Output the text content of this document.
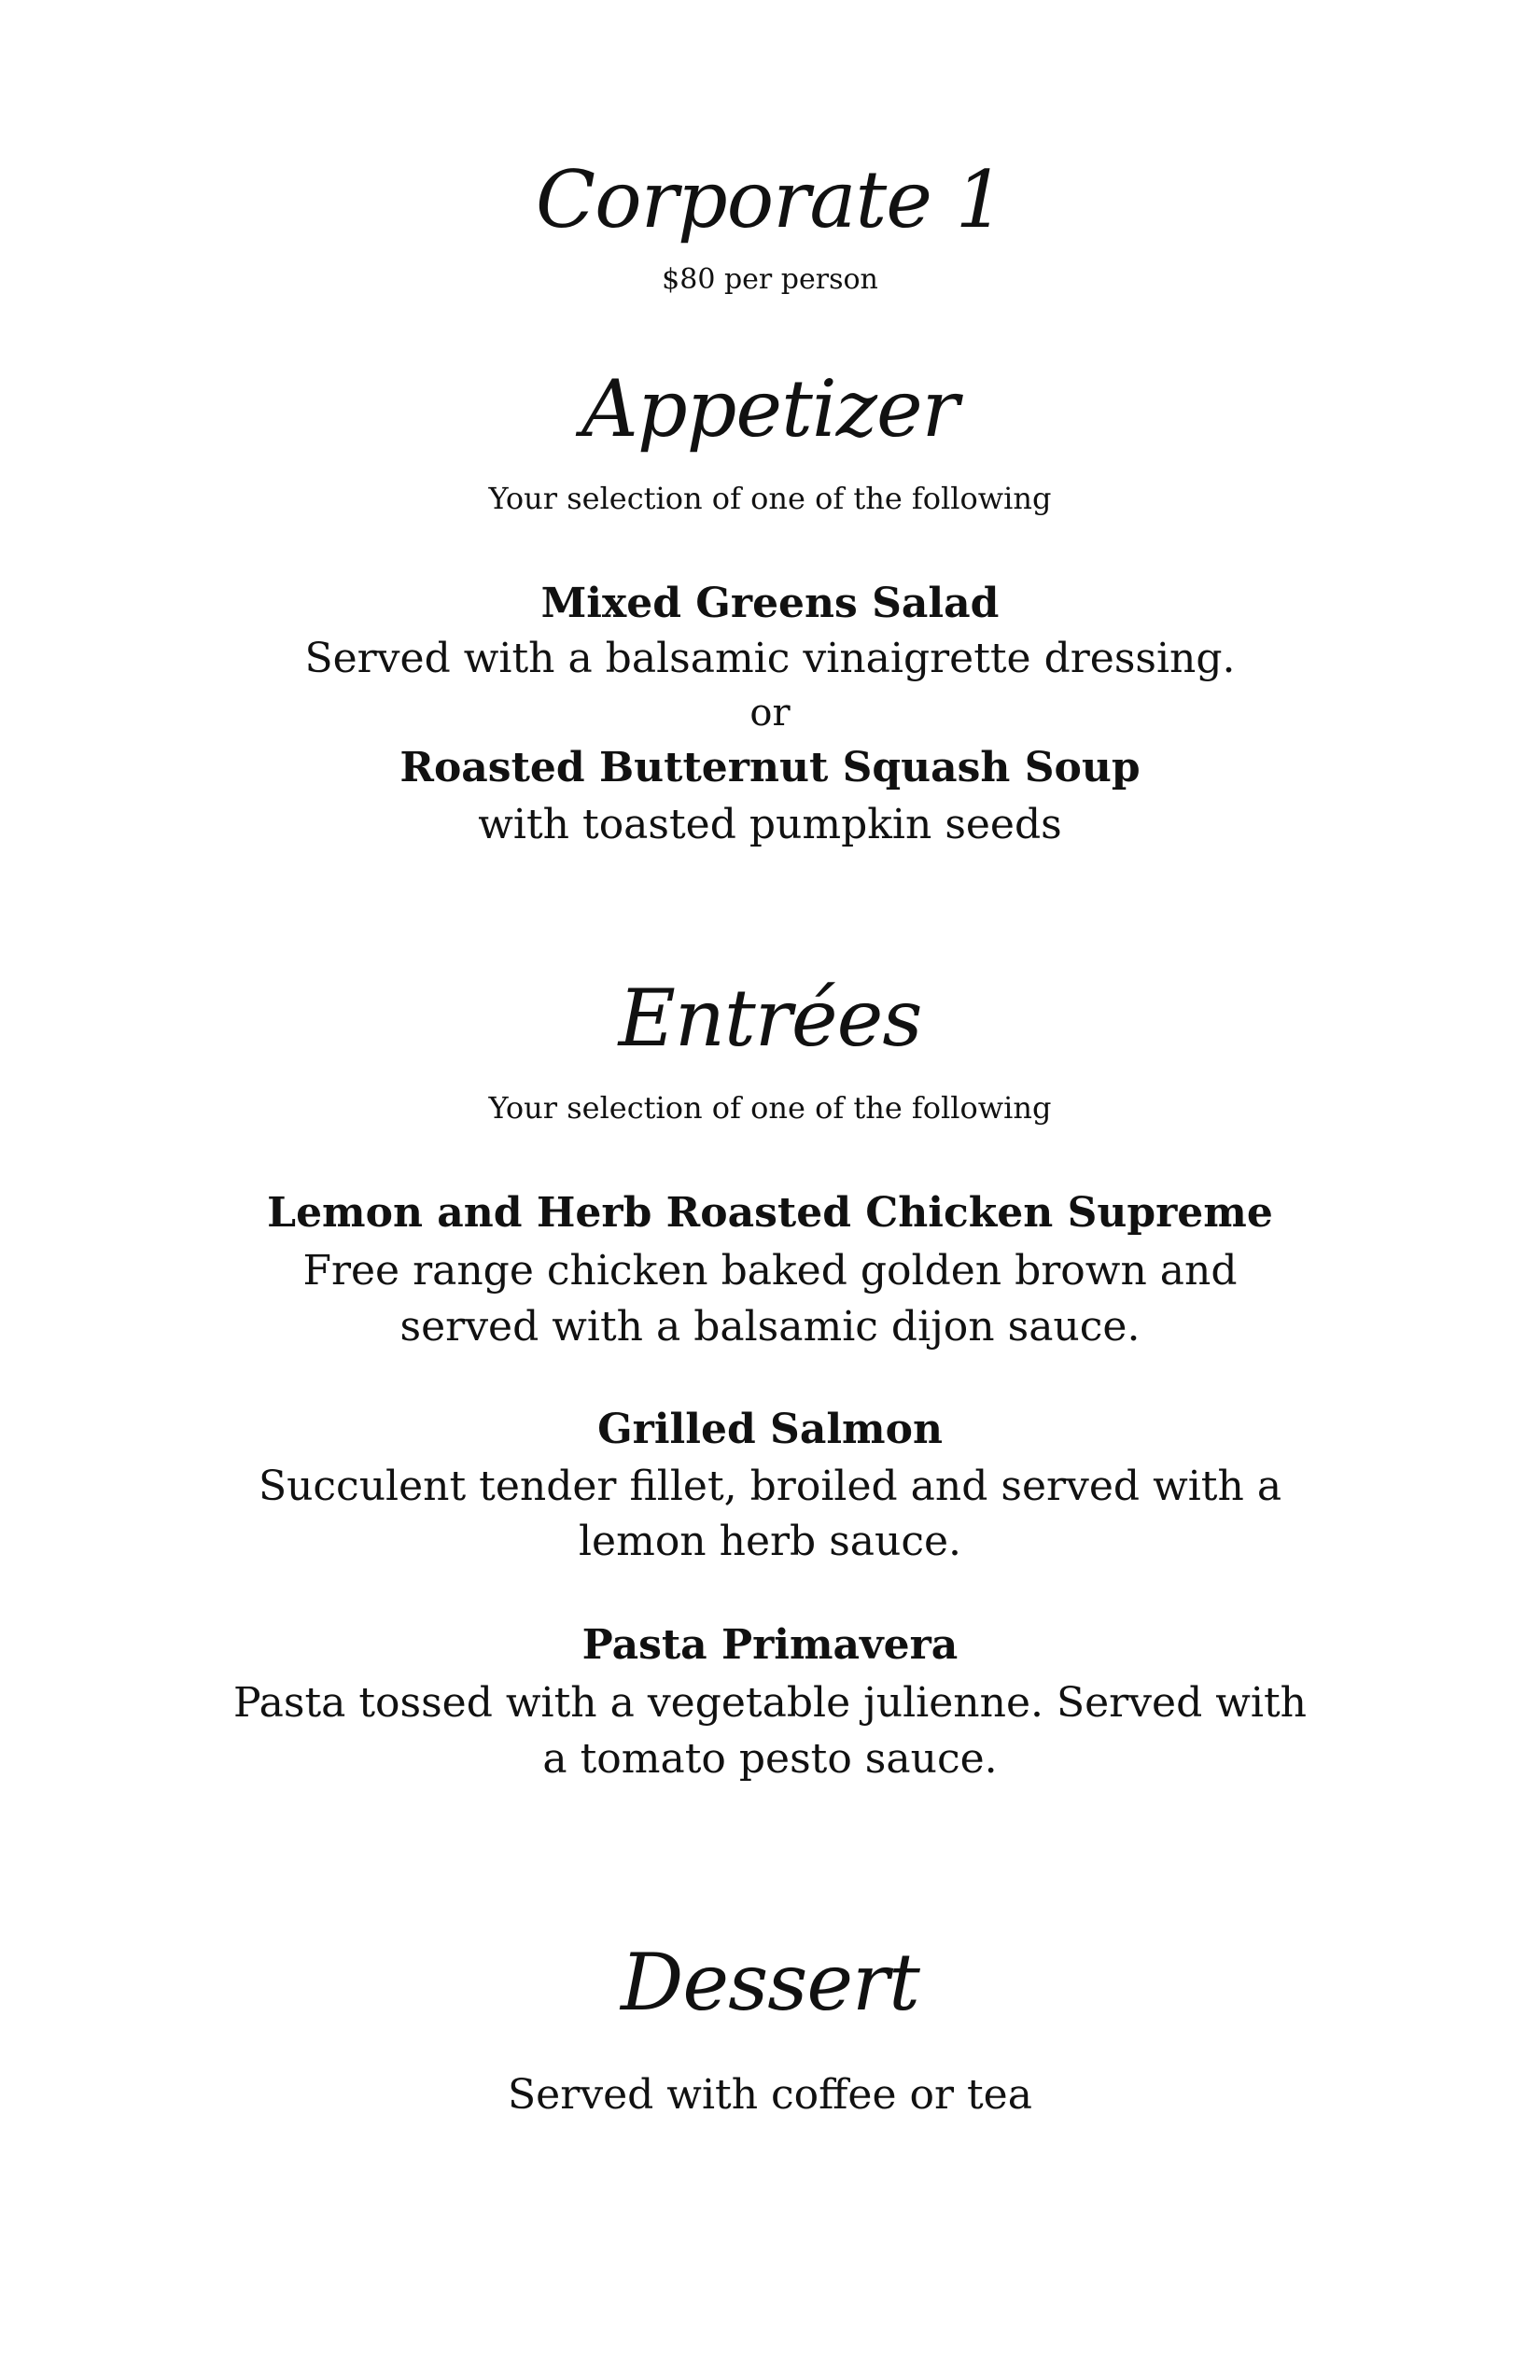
Corporate 1
$80 per person
Appetizer
Your selection of one of the following
Mixed Greens Salad
Served with a balsamic vinaigrette dressing.
or
Roasted Butternut Squash Soup
with toasted pumpkin seeds
Entrées
Your selection of one of the following
Lemon and Herb Roasted Chicken Supreme
Free range chicken baked golden brown and
served with a balsamic dijon sauce.
Grilled Salmon
Succulent tender fillet, broiled and served with a
lemon herb sauce.
Pasta Primavera
Pasta tossed with a vegetable julienne. Served with
a tomato pesto sauce.
Dessert
Served with coffee or tea
